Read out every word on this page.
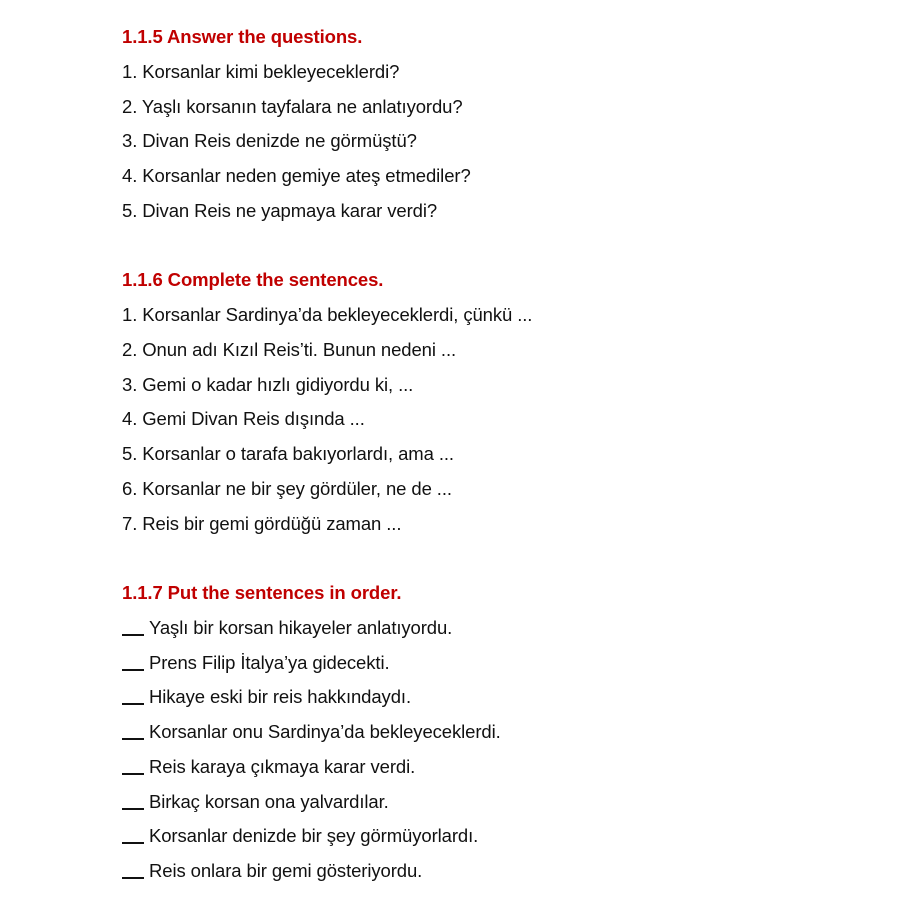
1.1.5 Answer the questions.
1. Korsanlar kimi bekleyeceklerdi?
2. Yaşlı korsanın tayfalara ne anlatıyordu?
3. Divan Reis denizde ne görmüştü?
4. Korsanlar neden gemiye ateş etmediler?
5. Divan Reis ne yapmaya karar verdi?
1.1.6 Complete the sentences.
1. Korsanlar Sardinya’da bekleyeceklerdi, çünkü ...
2. Onun adı Kızıl Reis’ti. Bunun nedeni ...
3. Gemi o kadar hızlı gidiyordu ki, ...
4. Gemi Divan Reis dışında ...
5. Korsanlar o tarafa bakıyorlardı, ama ...
6. Korsanlar ne bir şey gördüler, ne de ...
7. Reis bir gemi gördüğü zaman ...
1.1.7 Put the sentences in order.
Yaşlı bir korsan hikayeler anlatıyordu.
Prens Filip İtalya’ya gidecekti.
Hikaye eski bir reis hakkındaydı.
Korsanlar onu Sardinya’da bekleyeceklerdi.
Reis karaya çıkmaya karar verdi.
Birkaç korsan ona yalvardılar.
Korsanlar denizde bir şey görmüyorlardı.
Reis onlara bir gemi gösteriyordu.
